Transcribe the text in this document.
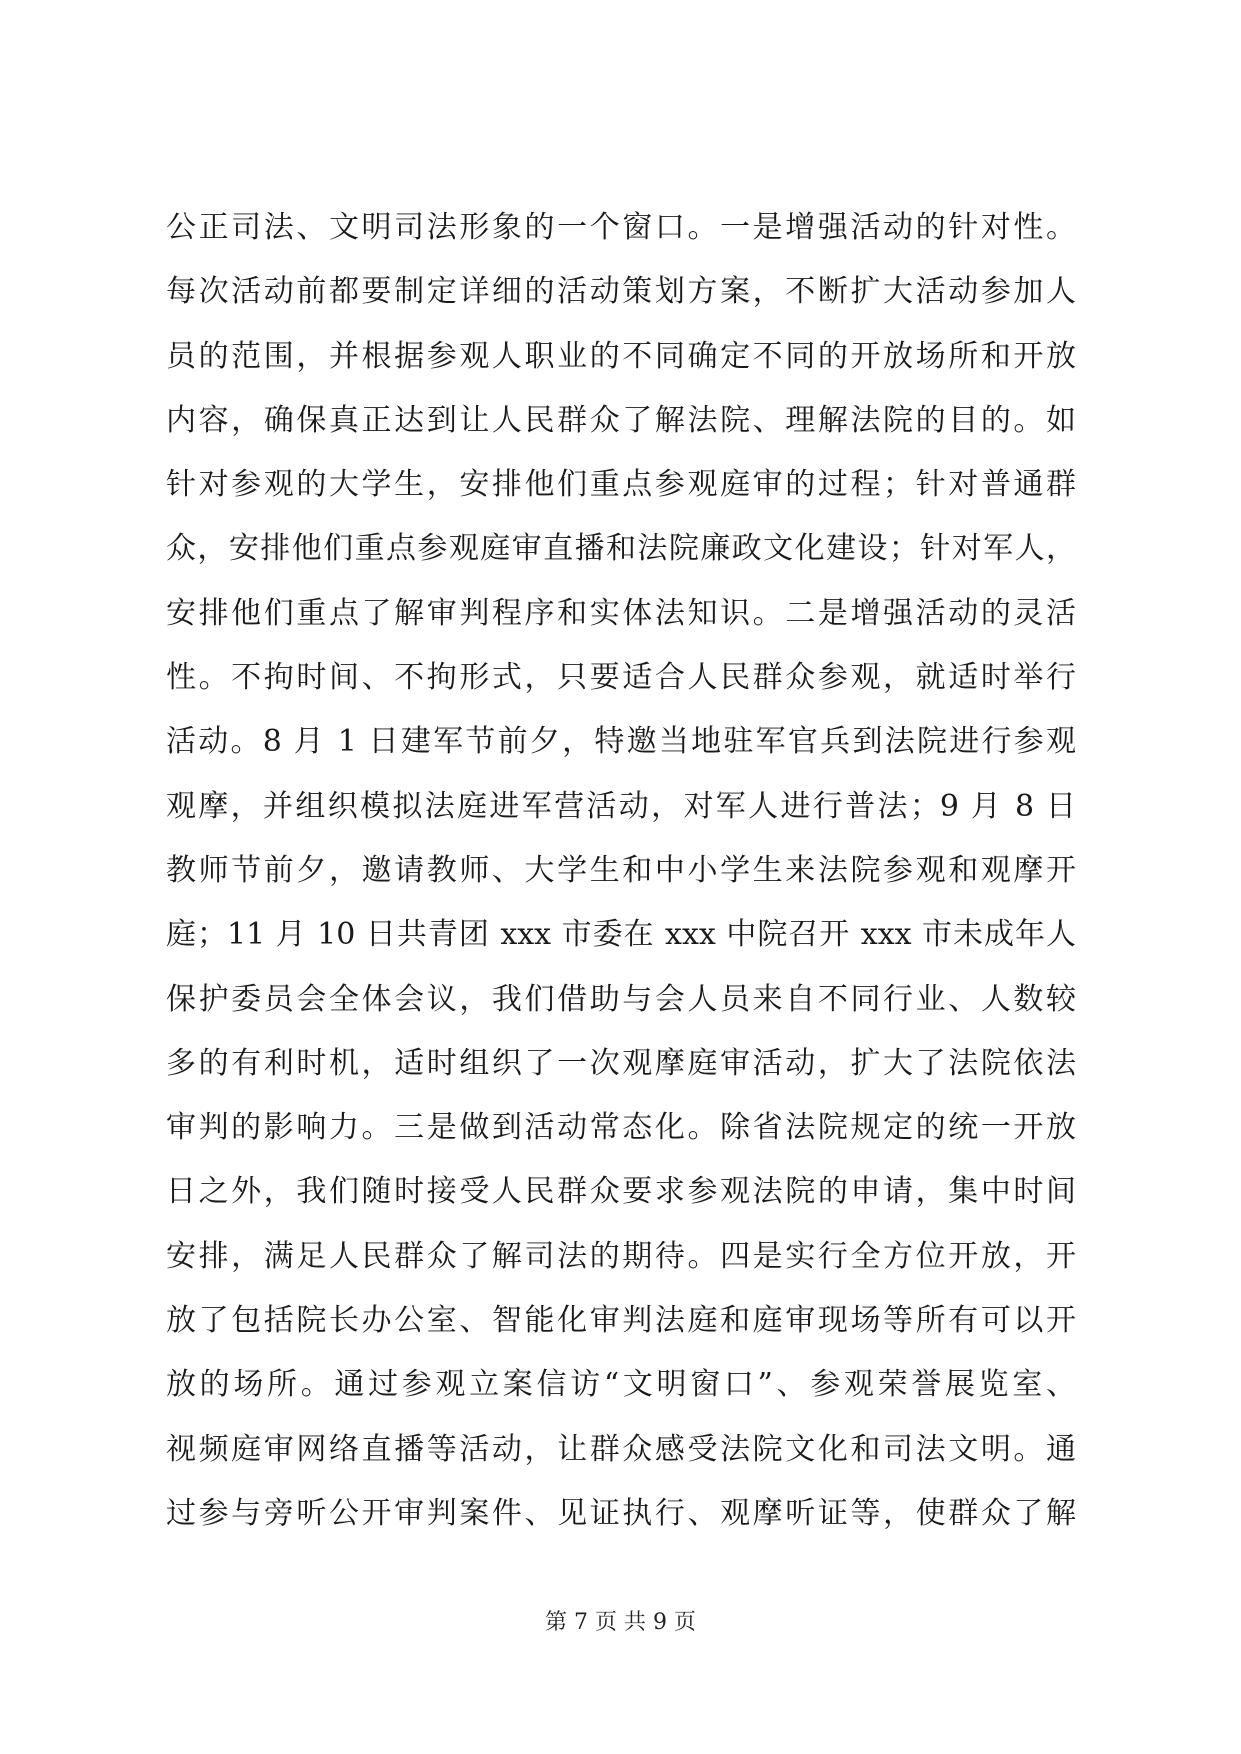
公正司法、文明司法形象的一个窗口。一是增强活动的针对性。
每次活动前都要制定详细的活动策划方案，不断扩大活动参加人
员的范围，并根据参观人职业的不同确定不同的开放场所和开放
内容，确保真正达到让人民群众了解法院、理解法院的目的。如
针对参观的大学生，安排他们重点参观庭审的过程；针对普通群
众，安排他们重点参观庭审直播和法院廉政文化建设；针对军人，
安排他们重点了解审判程序和实体法知识。二是增强活动的灵活
性。不拘时间、不拘形式，只要适合人民群众参观，就适时举行
活动。8 月 1 日建军节前夕，特邀当地驻军官兵到法院进行参观
观摩，并组织模拟法庭进军营活动，对军人进行普法；9 月 8 日
教师节前夕，邀请教师、大学生和中小学生来法院参观和观摩开
庭；11 月 10 日共青团 xxx 市委在 xxx 中院召开 xxx 市未成年人
保护委员会全体会议，我们借助与会人员来自不同行业、人数较
多的有利时机，适时组织了一次观摩庭审活动，扩大了法院依法
审判的影响力。三是做到活动常态化。除省法院规定的统一开放
日之外，我们随时接受人民群众要求参观法院的申请，集中时间
安排，满足人民群众了解司法的期待。四是实行全方位开放，开
放了包括院长办公室、智能化审判法庭和庭审现场等所有可以开
放的场所。通过参观立案信访“文明窗口”、参观荣誉展览室、
视频庭审网络直播等活动，让群众感受法院文化和司法文明。通
过参与旁听公开审判案件、见证执行、观摩听证等，使群众了解
第 7 页 共 9 页
